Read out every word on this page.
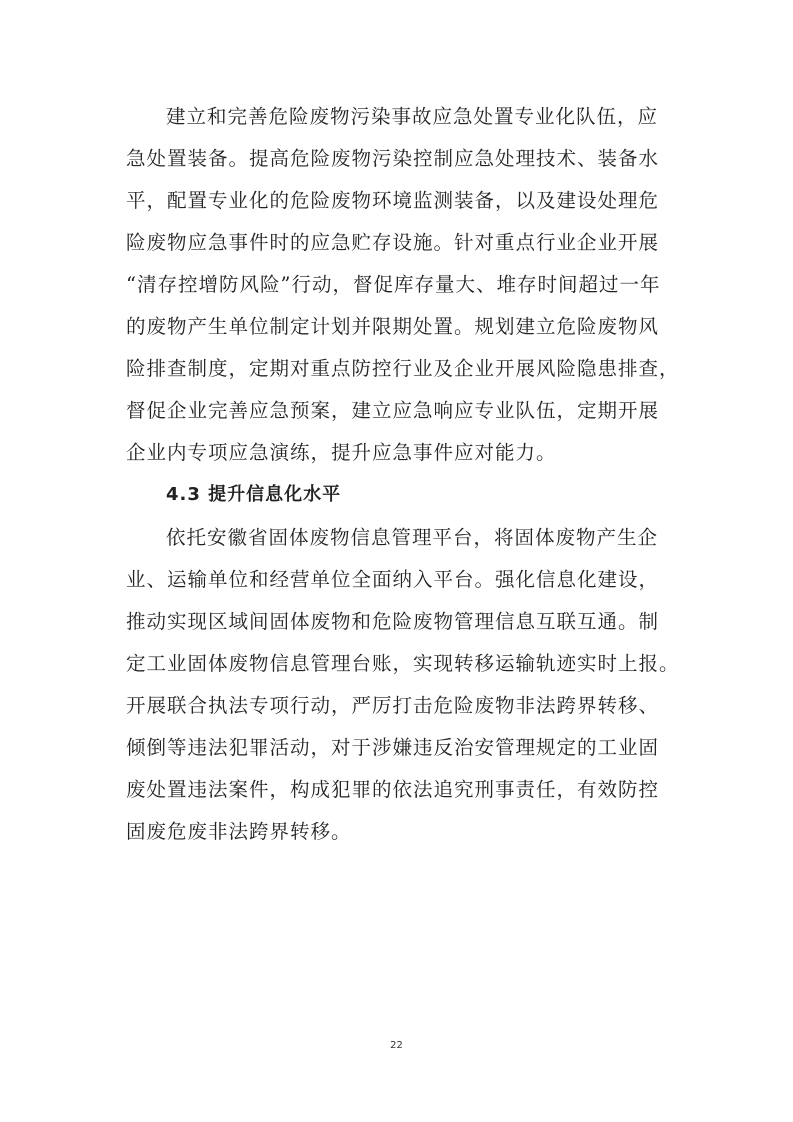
建立和完善危险废物污染事故应急处置专业化队伍，应
急处置装备。提高危险废物污染控制应急处理技术、装备水
平，配置专业化的危险废物环境监测装备，以及建设处理危
险废物应急事件时的应急贮存设施。针对重点行业企业开展
“清存控增防风险”行动，督促库存量大、堆存时间超过一年
的废物产生单位制定计划并限期处置。规划建立危险废物风
险排查制度，定期对重点防控行业及企业开展风险隐患排查，
督促企业完善应急预案，建立应急响应专业队伍，定期开展
企业内专项应急演练，提升应急事件应对能力。
4.3 提升信息化水平
依托安徽省固体废物信息管理平台，将固体废物产生企
业、运输单位和经营单位全面纳入平台。强化信息化建设，
推动实现区域间固体废物和危险废物管理信息互联互通。制
定工业固体废物信息管理台账，实现转移运输轨迹实时上报。
开展联合执法专项行动，严厉打击危险废物非法跨界转移、
倾倒等违法犯罪活动，对于涉嫌违反治安管理规定的工业固
废处置违法案件，构成犯罪的依法追究刑事责任，有效防控
固废危废非法跨界转移。
22
